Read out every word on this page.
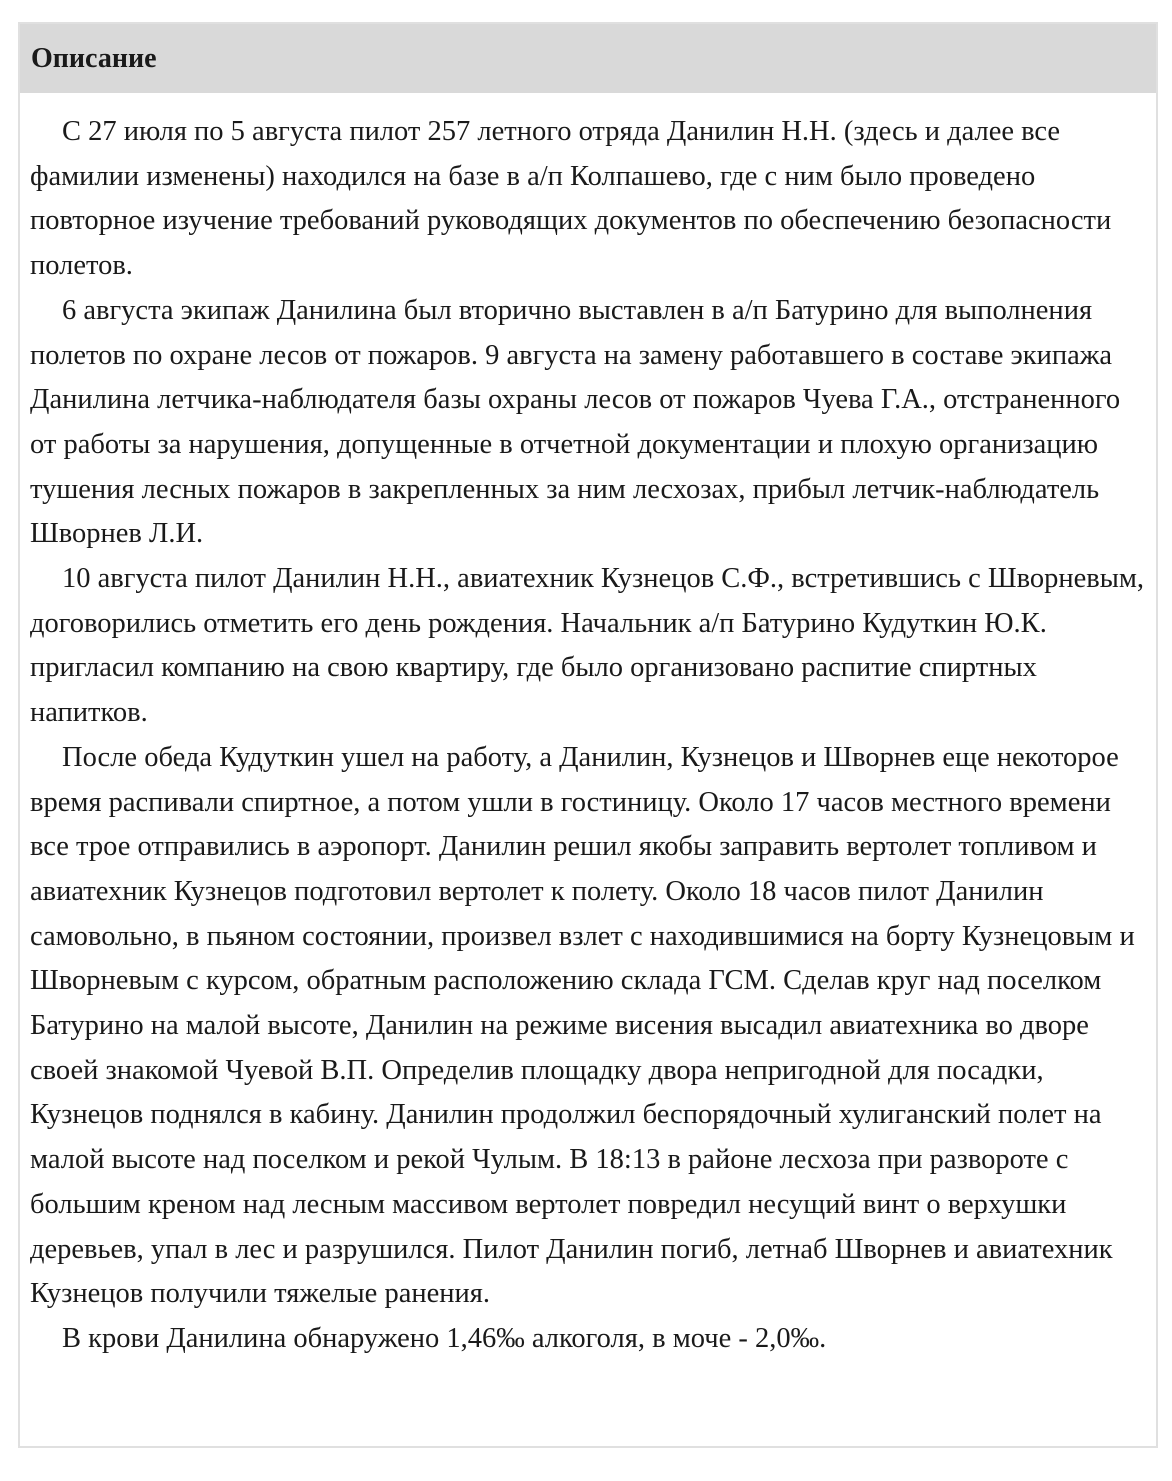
Описание

С 27 июля по 5 августа пилот 257 летного отряда Данилин Н.Н. (здесь и далее все фамилии изменены) находился на базе в а/п Колпашево, где с ним было проведено повторное изучение требований руководящих документов по обеспечению безопасности полетов.

6 августа экипаж Данилина был вторично выставлен в а/п Батурино для выполнения полетов по охране лесов от пожаров. 9 августа на замену работавшего в составе экипажа Данилина летчика-наблюдателя базы охраны лесов от пожаров Чуева Г.А., отстраненного от работы за нарушения, допущенные в отчетной документации и плохую организацию тушения лесных пожаров в закрепленных за ним лесхозах, прибыл летчик-наблюдатель Шворнев Л.И.

10 августа пилот Данилин Н.Н., авиатехник Кузнецов С.Ф., встретившись с Шворневым, договорились отметить его день рождения. Начальник а/п Батурино Кудуткин Ю.К. пригласил компанию на свою квартиру, где было организовано распитие спиртных напитков.

После обеда Кудуткин ушел на работу, а Данилин, Кузнецов и Шворнев еще некоторое время распивали спиртное, а потом ушли в гостиницу. Около 17 часов местного времени все трое отправились в аэропорт. Данилин решил якобы заправить вертолет топливом и авиатехник Кузнецов подготовил вертолет к полету. Около 18 часов пилот Данилин самовольно, в пьяном состоянии, произвел взлет с находившимися на борту Кузнецовым и Шворневым с курсом, обратным расположению склада ГСМ. Сделав круг над поселком Батурино на малой высоте, Данилин на режиме висения высадил авиатехника во дворе своей знакомой Чуевой В.П. Определив площадку двора непригодной для посадки, Кузнецов поднялся в кабину. Данилин продолжил беспорядочный хулиганский полет на малой высоте над поселком и рекой Чулым. В 18:13 в районе лесхоза при развороте с большим креном над лесным массивом вертолет повредил несущий винт о верхушки деревьев, упал в лес и разрушился. Пилот Данилин погиб, летнаб Шворнев и авиатехник Кузнецов получили тяжелые ранения.

В крови Данилина обнаружено 1,46‰ алкоголя, в моче - 2,0‰.
